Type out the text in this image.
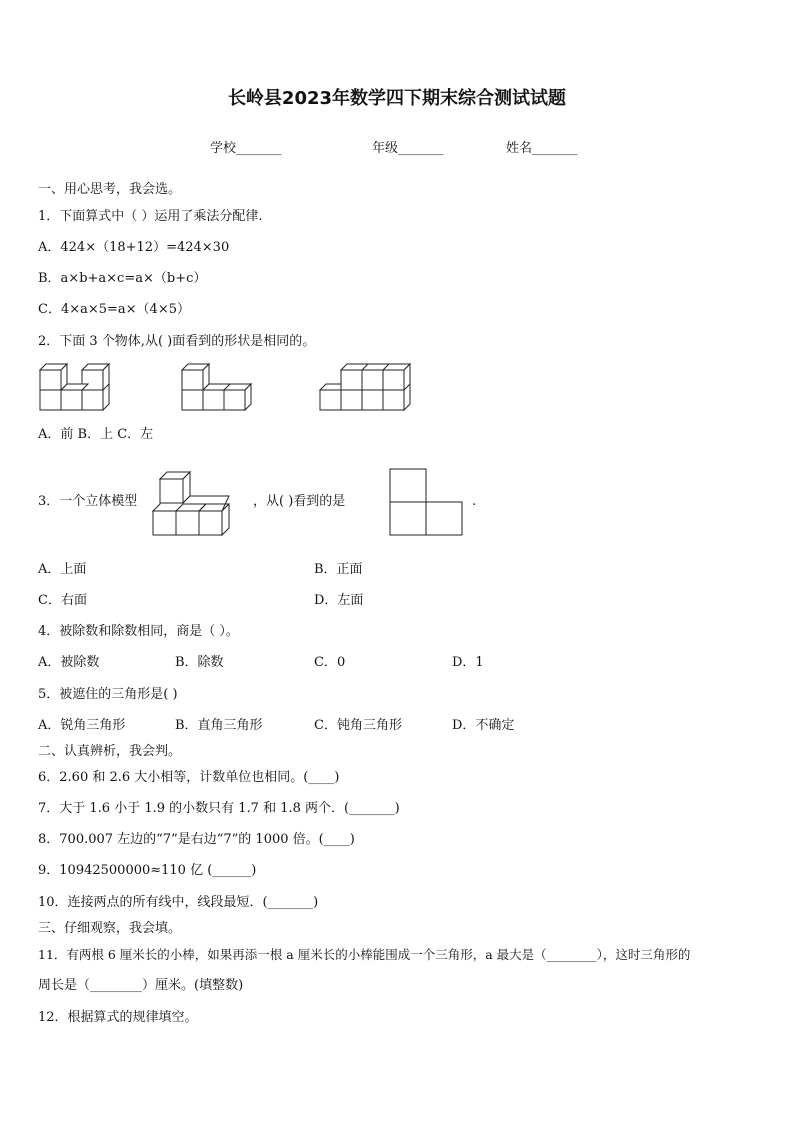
长岭县2023年数学四下期末综合测试试题
学校_______	年级_______	姓名_______
一、用心思考，我会选。
1．下面算式中（ ）运用了乘法分配律.
A．424×（18+12）=424×30
B．a×b+a×c=a×（b+c）
C．4×a×5=a×（4×5）
2．下面 3 个物体,从( )面看到的形状是相同的。
A．前 B．上 C．左
3．一个立体模型	，从( )看到的是	.
A．上面	B．正面
C．右面	D．左面
4．被除数和除数相同，商是（ ）。
A．被除数	B．除数	C．0	D．1
5．被遮住的三角形是( )
A．锐角三角形	B．直角三角形	C．钝角三角形	D．不确定
二、认真辨析，我会判。
6．2.60 和 2.6 大小相等，计数单位也相同。(____)
7．大于 1.6 小于 1.9 的小数只有 1.7 和 1.8 两个．(_______)
8．700.007 左边的“7”是右边“7”的 1000 倍。(____)
9．10942500000≈110 亿 (______)
10．连接两点的所有线中，线段最短．(_______)
三、仔细观察，我会填。
11．有两根 6 厘米长的小棒，如果再添一根 a 厘米长的小棒能围成一个三角形，a 最大是（________），这时三角形的
周长是（________）厘米。(填整数)
12．根据算式的规律填空。
